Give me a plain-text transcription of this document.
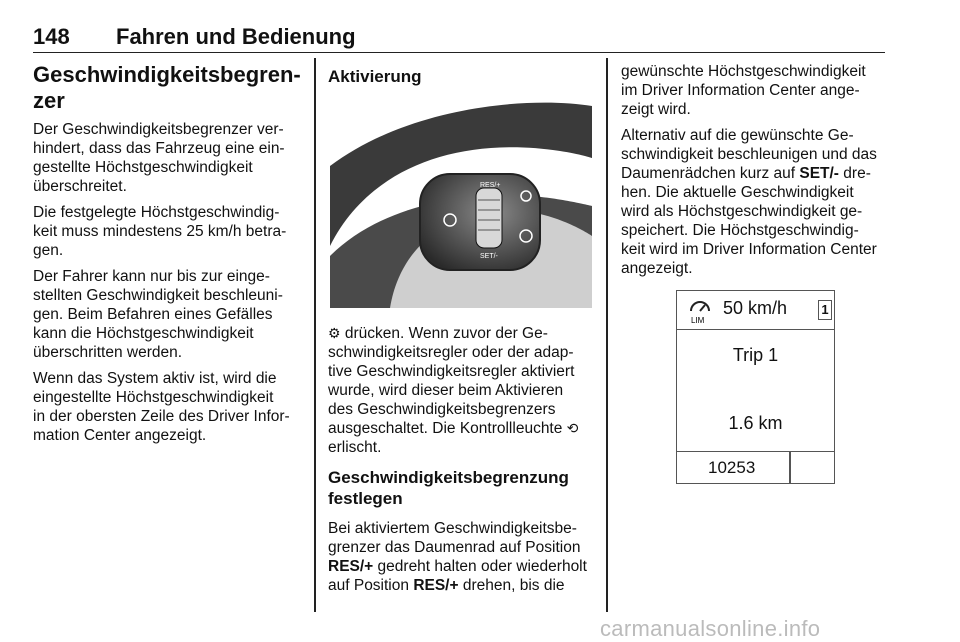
148 Fahren und Bedienung
Geschwindigkeitsbegren-
zer

Der Geschwindigkeitsbegrenzer ver-
hindert, dass das Fahrzeug eine ein-
gestellte Höchstgeschwindigkeit
überschreitet.

Die festgelegte Höchstgeschwindig-
keit muss mindestens 25 km/h betra-
gen.

Der Fahrer kann nur bis zur einge-
stellten Geschwindigkeit beschleuni-
gen. Beim Befahren eines Gefälles
kann die Höchstgeschwindigkeit
überschritten werden.

Wenn das System aktiv ist, wird die
eingestellte Höchstgeschwindigkeit
in der obersten Zeile des Driver Infor-
mation Center angezeigt.

Aktivierung
RES/+
SET/-

⚙ drücken. Wenn zuvor der Ge-
schwindigkeitsregler oder der adap-
tive Geschwindigkeitsregler aktiviert
wurde, wird dieser beim Aktivieren
des Geschwindigkeitsbegrenzers
ausgeschaltet. Die Kontrollleuchte ⟲
erlischt.

Geschwindigkeitsbegrenzung
festlegen

Bei aktiviertem Geschwindigkeitsbe-
grenzer das Daumenrad auf Position
RES/+ gedreht halten oder wiederholt
auf Position RES/+ drehen, bis die

gewünschte Höchstgeschwindigkeit
im Driver Information Center ange-
zeigt wird.

Alternativ auf die gewünschte Ge-
schwindigkeit beschleunigen und das
Daumenrädchen kurz auf SET/- dre-
hen. Die aktuelle Geschwindigkeit
wird als Höchstgeschwindigkeit ge-
speichert. Die Höchstgeschwindig-
keit wird im Driver Information Center
angezeigt.

LIM
50 km/h	1
Trip 1
1.6 km
10253
carmanualsonline.info
